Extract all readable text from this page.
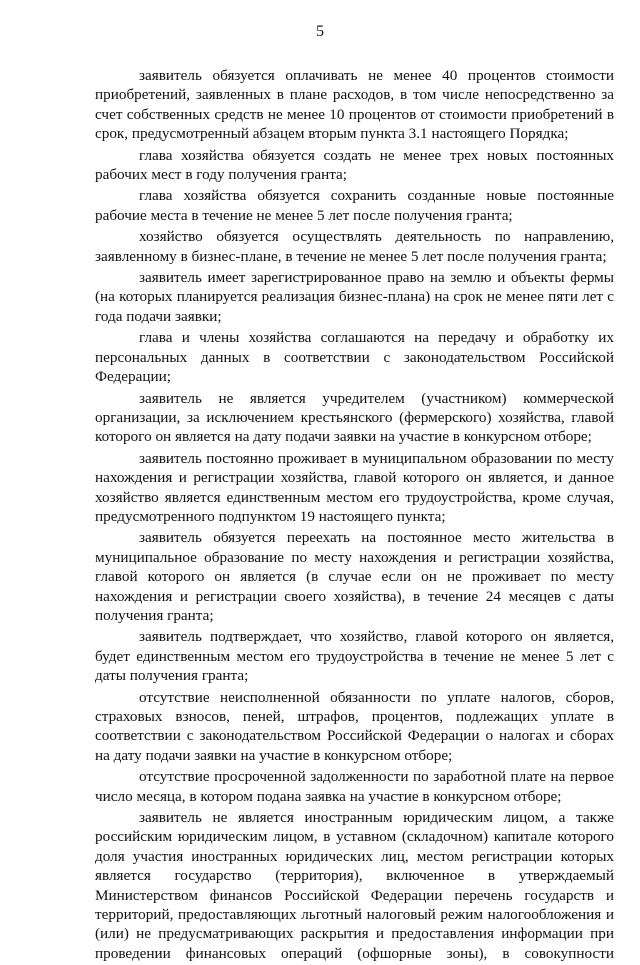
5

заявитель обязуется оплачивать не менее 40 процентов стоимости приобретений, заявленных в плане расходов, в том числе непосредственно за счет собственных средств не менее 10 процентов от стоимости приобретений в срок, предусмотренный абзацем вторым пункта 3.1 настоящего Порядка;

глава хозяйства обязуется создать не менее трех новых постоянных рабочих мест в году получения гранта;

глава хозяйства обязуется сохранить созданные новые постоянные рабочие места в течение не менее 5 лет после получения гранта;

хозяйство обязуется осуществлять деятельность по направлению, заявленному в бизнес-плане, в течение не менее 5 лет после получения гранта;

заявитель имеет зарегистрированное право на землю и объекты фермы (на которых планируется реализация бизнес-плана) на срок не менее пяти лет с года подачи заявки;

глава и члены хозяйства соглашаются на передачу и обработку их персональных данных в соответствии с законодательством Российской Федерации;

заявитель не является учредителем (участником) коммерческой организации, за исключением крестьянского (фермерского) хозяйства, главой которого он является на дату подачи заявки на участие в конкурсном отборе;

заявитель постоянно проживает в муниципальном образовании по месту нахождения и регистрации хозяйства, главой которого он является, и данное хозяйство является единственным местом его трудоустройства, кроме случая, предусмотренного подпунктом 19 настоящего пункта;

заявитель обязуется переехать на постоянное место жительства в муниципальное образование по месту нахождения и регистрации хозяйства, главой которого он является (в случае если он не проживает по месту нахождения и регистрации своего хозяйства), в течение 24 месяцев с даты получения гранта;

заявитель подтверждает, что хозяйство, главой которого он является, будет единственным местом его трудоустройства в течение не менее 5 лет с даты получения гранта;

отсутствие неисполненной обязанности по уплате налогов, сборов, страховых взносов, пеней, штрафов, процентов, подлежащих уплате в соответствии с законодательством Российской Федерации о налогах и сборах на дату подачи заявки на участие в конкурсном отборе;

отсутствие просроченной задолженности по заработной плате на первое число месяца, в котором подана заявка на участие в конкурсном отборе;

заявитель не является иностранным юридическим лицом, а также российским юридическим лицом, в уставном (складочном) капитале которого доля участия иностранных юридических лиц, местом регистрации которых является государство (территория), включенное в утверждаемый Министерством финансов Российской Федерации перечень государств и территорий, предоставляющих льготный налоговый режим налогообложения и (или) не предусматривающих раскрытия и предоставления информации при проведении финансовых операций (офшорные зоны), в совокупности
